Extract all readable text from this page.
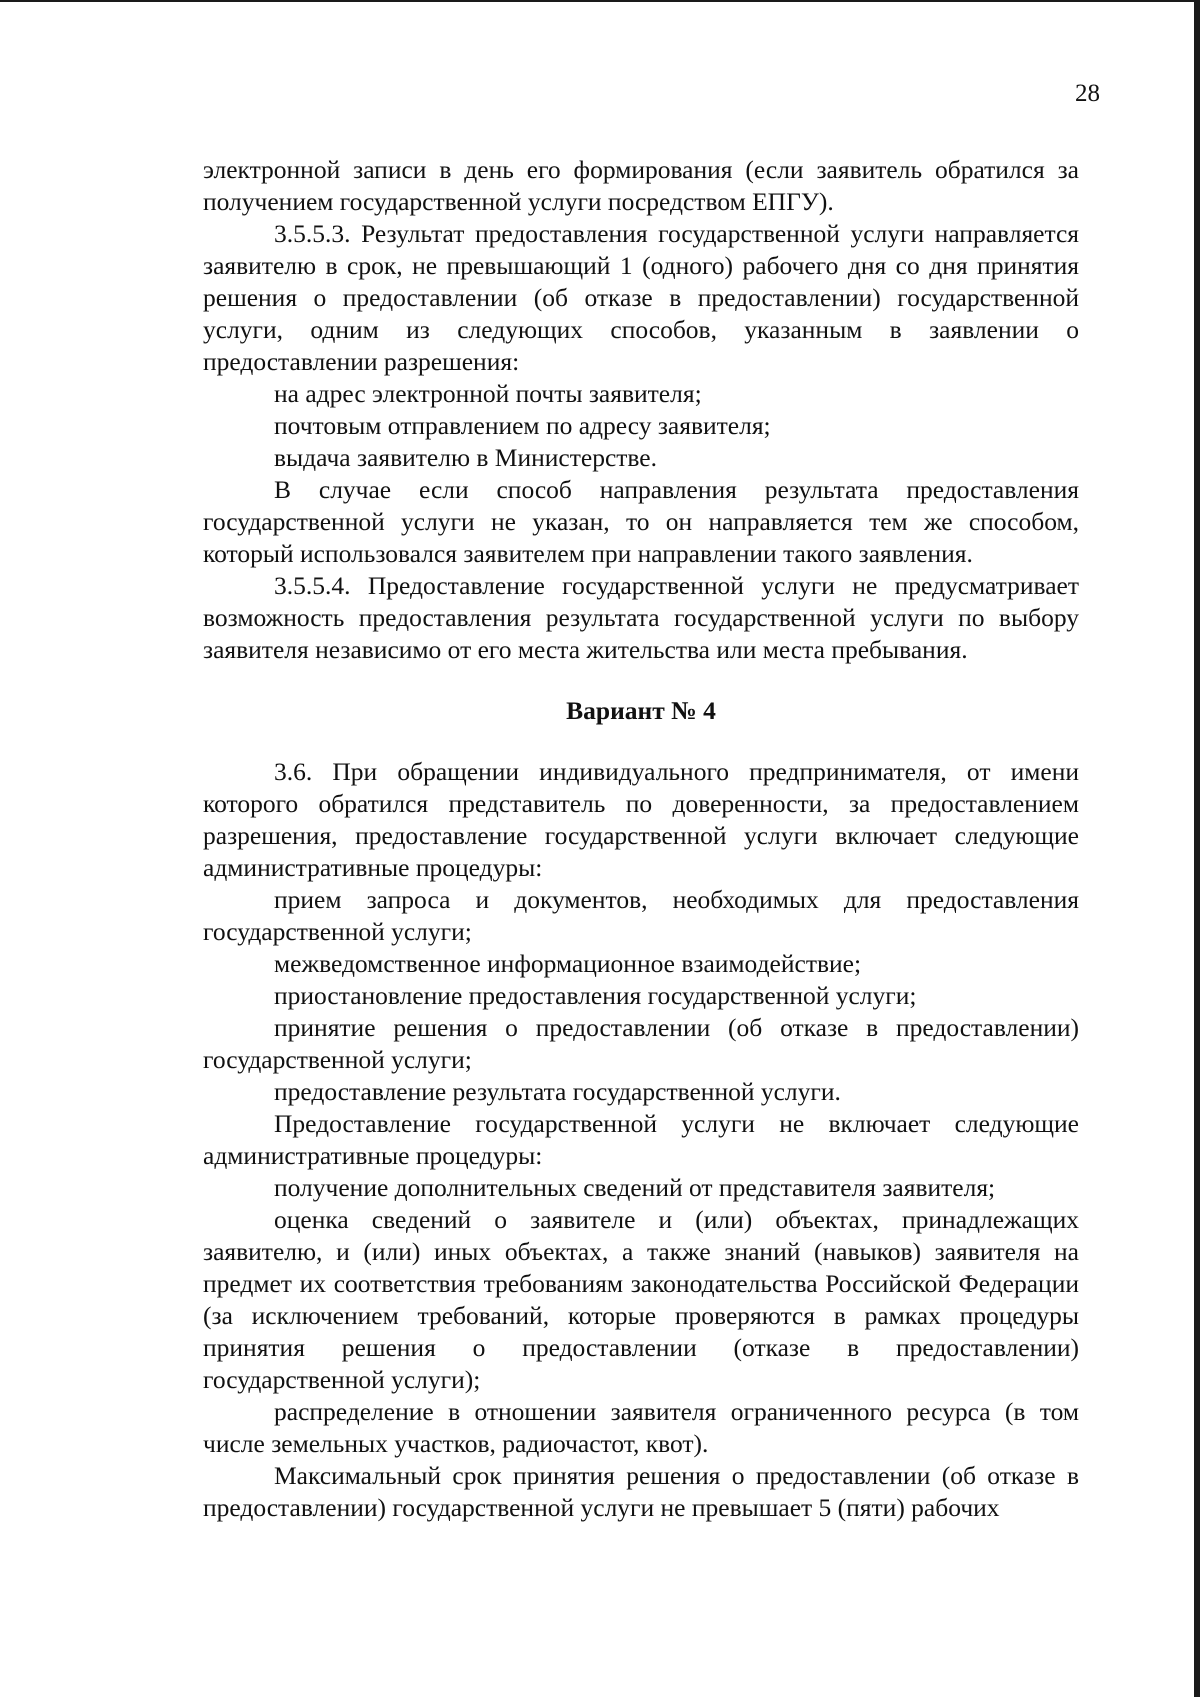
28

электронной записи в день его формирования (если заявитель обратился за получением государственной услуги посредством ЕПГУ).

3.5.5.3. Результат предоставления государственной услуги направляется заявителю в срок, не превышающий 1 (одного) рабочего дня со дня принятия решения о предоставлении (об отказе в предоставлении) государственной услуги, одним из следующих способов, указанным в заявлении о предоставлении разрешения:

на адрес электронной почты заявителя;

почтовым отправлением по адресу заявителя;

выдача заявителю в Министерстве.

В случае если способ направления результата предоставления государственной услуги не указан, то он направляется тем же способом, который использовался заявителем при направлении такого заявления.

3.5.5.4. Предоставление государственной услуги не предусматривает возможность предоставления результата государственной услуги по выбору заявителя независимо от его места жительства или места пребывания.

Вариант № 4

3.6. При обращении индивидуального предпринимателя, от имени которого обратился представитель по доверенности, за предоставлением разрешения, предоставление государственной услуги включает следующие административные процедуры:

прием запроса и документов, необходимых для предоставления государственной услуги;

межведомственное информационное взаимодействие;

приостановление предоставления государственной услуги;

принятие решения о предоставлении (об отказе в предоставлении) государственной услуги;

предоставление результата государственной услуги.

Предоставление государственной услуги не включает следующие административные процедуры:

получение дополнительных сведений от представителя заявителя;

оценка сведений о заявителе и (или) объектах, принадлежащих заявителю, и (или) иных объектах, а также знаний (навыков) заявителя на предмет их соответствия требованиям законодательства Российской Федерации (за исключением требований, которые проверяются в рамках процедуры принятия решения о предоставлении (отказе в предоставлении) государственной услуги);

распределение в отношении заявителя ограниченного ресурса (в том числе земельных участков, радиочастот, квот).

Максимальный срок принятия решения о предоставлении (об отказе в предоставлении) государственной услуги не превышает 5 (пяти) рабочих
